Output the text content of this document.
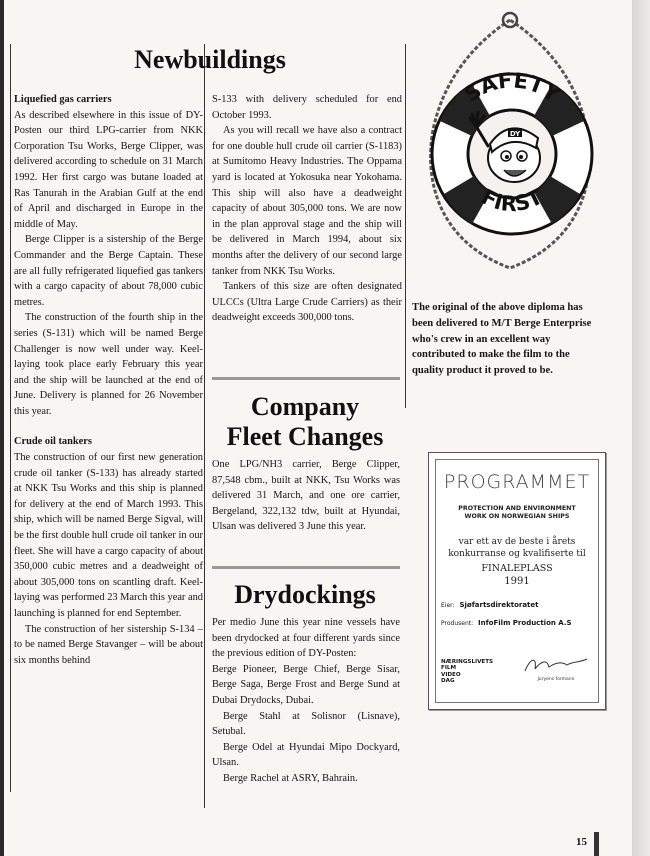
Newbuildings

Liquefied gas carriers

As described elsewhere in this issue of DY-Posten our third LPG-carrier from NKK Corporation Tsu Works, Berge Clipper, was delivered according to schedule on 31 March 1992. Her first cargo was butane loaded at Ras Tanurah in the Arabian Gulf at the end of April and discharged in Europe in the middle of May.

Berge Clipper is a sistership of the Berge Commander and the Berge Captain. These are all fully refrigerated liquefied gas tankers with a cargo capacity of about 78,000 cubic metres.

The construction of the fourth ship in the series (S-131) which will be named Berge Challenger is now well under way. Keel-laying took place early February this year and the ship will be launched at the end of June. Delivery is planned for 26 November this year.

Crude oil tankers

The construction of our first new generation crude oil tanker (S-133) has already started at NKK Tsu Works and this ship is planned for delivery at the end of March 1993. This ship, which will be named Berge Sigval, will be the first double hull crude oil tanker in our fleet. She will have a cargo capacity of about 350,000 cubic metres and a deadweight of about 305,000 tons on scantling draft. Keel-laying was performed 23 March this year and launching is planned for end September.

The construction of her sistership S-134 – to be named Berge Stavanger – will be about six months behind

S-133 with delivery scheduled for end October 1993.

As you will recall we have also a contract for one double hull crude oil carrier (S-1183) at Sumitomo Heavy Industries. The Oppama yard is located at Yokosuka near Yokohama. This ship will also have a deadweight capacity of about 305,000 tons. We are now in the plan approval stage and the ship will be delivered in March 1994, about six months after the delivery of our second large tanker from NKK Tsu Works.

Tankers of this size are often designated ULCCs (Ultra Large Crude Carriers) as their deadweight exceeds 300,000 tons.

Company
Fleet Changes

One LPG/NH3 carrier, Berge Clipper, 87,548 cbm., built at NKK, Tsu Works was delivered 31 March, and one ore carrier, Bergeland, 322,132 tdw, built at Hyundai, Ulsan was delivered 3 June this year.

Drydockings

Per medio June this year nine vessels have been drydocked at four different yards since the previous edition of DY-Posten:

Berge Pioneer, Berge Chief, Berge Sisar, Berge Saga, Berge Frost and Berge Sund at Dubai Drydocks, Dubai.

Berge Stahl at Solisnor (Lisnave), Setubal.

Berge Odel at Hyundai Mipo Dockyard, Ulsan.

Berge Rachel at ASRY, Bahrain.

SAFETY
FIRST
DY
The original of the above diploma has been delivered to M/T Berge Enterprise who's crew in an excellent way contributed to make the film to the quality product it proved to be.
PROGRAMMET
PROTECTION AND ENVIRONMENT
WORK ON NORWEGIAN SHIPS
var ett av de beste i årets
konkurranse og kvalifiserte til
FINALEPLASS
1991
Eier: Sjøfartsdirektoratet
Produsent: InfoFilm Production A.S
NÆRINGSLIVETS
FILM
VIDEO
DAG	Juryens formann
15
